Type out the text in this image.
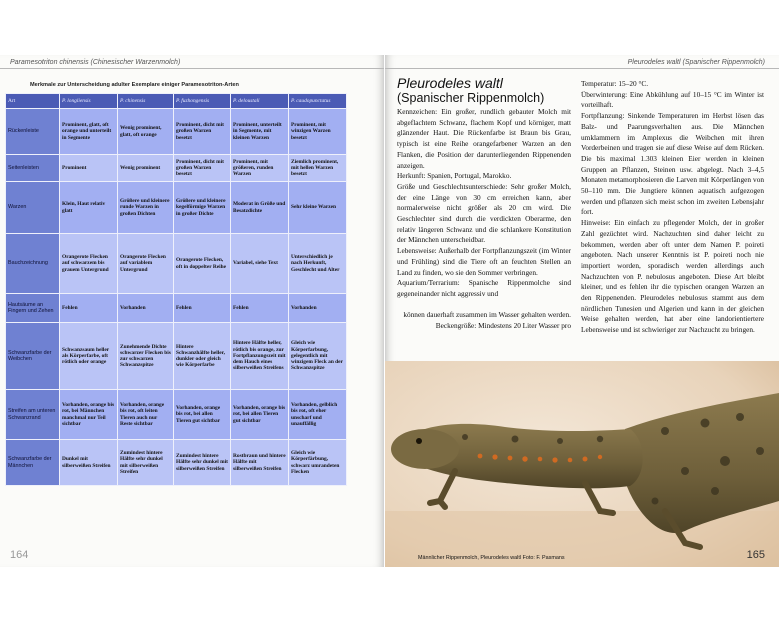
Paramesotriton chinensis (Chinesischer Warzenmolch)
Merkmale zur Unterscheidung adulter Exemplare einiger Paramesotriton-Arten
Art	P. longliensis	P. chinensis	P. fuzhongensis	P. deloustali	P. caudopunctatus
Rückenleiste	Prominent, glatt, oft orange und unterteilt in Segmente	Wenig prominent, glatt, oft orange	Prominent, dicht mit großen Warzen besetzt	Prominent, unterteilt in Segmente, mit kleinen Warzen	Prominent, mit winzigen Warzen besetzt
Seitenleisten	Prominent	Wenig prominent	Prominent, dicht mit großen Warzen besetzt	Prominent, mit größeren, runden Warzen	Ziemlich prominent, mit hellen Warzen besetzt
Warzen	Klein, Haut relativ glatt	Größere und kleinere runde Warzen in großen Dichten	Größere und kleinere kegelförmige Warzen in großer Dichte	Moderat in Größe und Besatzdichte	Sehr kleine Warzen
Bauchzeichnung	Orangerote Flecken auf schwarzem bis grauem Untergrund	Orangerote Flecken auf variablem Untergrund	Orangerote Flecken, oft in doppelter Reihe	Variabel, siehe Text	Unterschiedlich je nach Herkunft, Geschlecht und Alter
Hautsäume an Fingern und Zehen	Fehlen	Vorhanden	Fehlen	Fehlen	Vorhanden
Schwanzfarbe der Weibchen	Schwanzsaum heller als Körperfarbe, oft rötlich oder orange	Zunehmende Dichte schwarzer Flecken bis zur schwarzen Schwanzspitze	Hintere Schwanzhälfte heller, dunkler oder gleich wie Körperfarbe	Hintere Hälfte heller, rötlich bis orange, zur Fortpflanzungszeit mit dem Hauch eines silberweißen Streifens	Gleich wie Körperfarbung, gelegentlich mit winzigem Fleck an der Schwanzspitze
Streifen am unteren Schwanzrand	Vorhanden, orange bis rot, bei Männchen manchmal nur Teil sichtbar	Vorhanden, orange bis rot, oft leiten Tieren auch nur Reste sichtbar	Vorhanden, orange bis rot, bei allen Tieren gut sichtbar	Vorhanden, orange bis rot, bei allen Tieren gut sichtbar	Vorhanden, gelblich bis rot, oft eher unscharf und unauffällig
Schwanzfarbe der Männchen	Dunkel mit silberweißen Streifen	Zumindest hintere Hälfte sehr dunkel mit silberweißen Streifen	Zumindest hintere Hälfte sehr dunkel mit silberweißen Streifen	Rostbraun und hintere Hälfte mit silberweißen Streifen	Gleich wie Körperfärbung, schwarz umrandeten Flecken
164
Pleurodeles waltl (Spanischer Rippenmolch)
Pleurodeles waltl
(Spanischer Rippenmolch)

Kennzeichen: Ein großer, rundlich gebauter Molch mit abgeflachtem Schwanz, flachem Kopf und körniger, matt glänzender Haut. Die Rückenfarbe ist Braun bis Grau, typisch ist eine Reihe orangefarbener Warzen an den Flanken, die Position der darunterliegenden Rippenenden anzeigen.

Herkunft: Spanien, Portugal, Marokko.

Größe und Geschlechtsunterschiede: Sehr großer Molch, der eine Länge von 30 cm erreichen kann, aber normalerweise nicht größer als 20 cm wird. Die Geschlechter sind durch die verdickten Oberarme, den relativ längeren Schwanz und die schlankere Konstitution der Männchen unterscheidbar.

Lebensweise: Außerhalb der Fortpflanzungszeit (im Winter und Frühling) sind die Tiere oft an feuchten Stellen an Land zu finden, wo sie den Sommer verbringen.

Aquarium/Terrarium: Spanische Rippenmolche sind gegeneinander nicht aggressiv und

können dauerhaft zusammen im Wasser gehalten werden.

Beckengröße: Mindestens 20 Liter Wasser pro

Temperatur: 15–20 °C.

Überwinterung: Eine Abkühlung auf 10–15 °C im Winter ist vorteilhaft.

Fortpflanzung: Sinkende Temperaturen im Herbst lösen das Balz- und Paarungsverhalten aus. Die Männchen umklammern im Amplexus die Weibchen mit ihren Vorderbeinen und tragen sie auf diese Weise auf dem Rücken. Die bis maximal 1.303 kleinen Eier werden in kleinen Gruppen an Pflanzen, Steinen usw. abgelegt. Nach 3–4,5 Monaten metamorphosieren die Larven mit Körperlängen von 50–110 mm. Die Jungtiere können aquatisch aufgezogen werden und pflanzen sich meist schon im zweiten Lebensjahr fort.

Hinweise: Ein einfach zu pflegender Molch, der in großer Zahl gezüchtet wird. Nachzuchten sind daher leicht zu bekommen, werden aber oft unter dem Namen P. poireti angeboten. Nach unserer Kenntnis ist P. poireti noch nie importiert worden, sporadisch werden allerdings auch Nachzuchten von P. nebulosus angeboten. Diese Art bleibt kleiner, und es fehlen ihr die typischen orangen Warzen an den Rippenenden. Pleurodeles nebulosus stammt aus dem nördlichen Tunesien und Algerien und kann in der gleichen Weise gehalten werden, hat aber eine landorientiertere Lebensweise und ist schwieriger zur Nachzucht zu bringen.

Männlicher Rippenmolch, Pleurodeles waltl Foto: F. Pasmans	165
